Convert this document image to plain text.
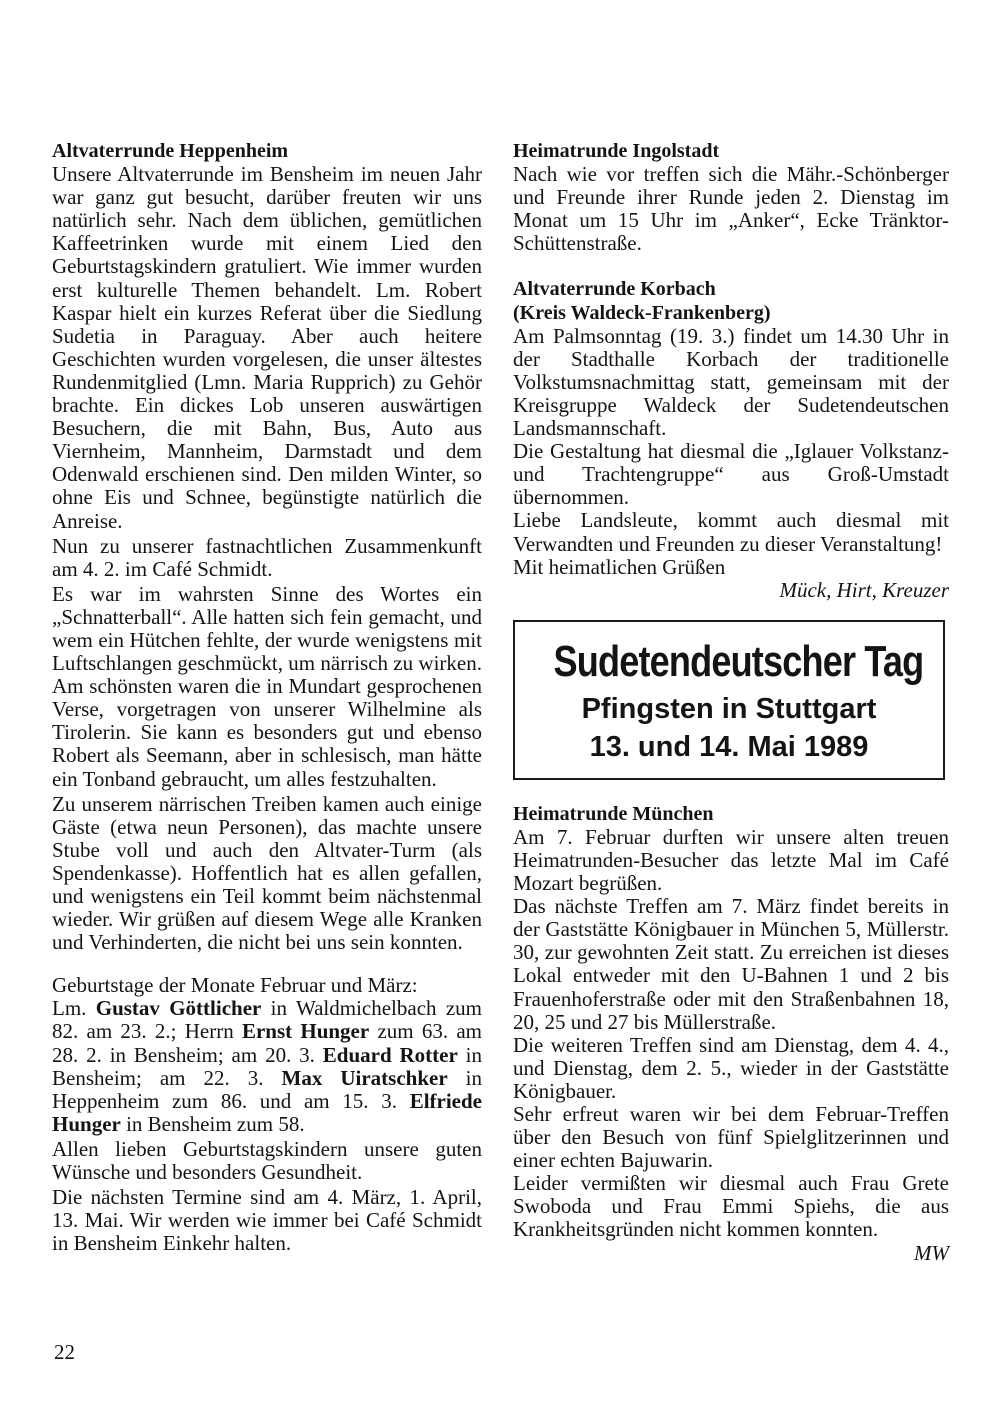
Altvaterrunde Heppenheim

Unsere Altvaterrunde im Bensheim im neuen Jahr war ganz gut besucht, darüber freuten wir uns natürlich sehr. Nach dem üblichen, gemütlichen Kaffeetrinken wurde mit einem Lied den Geburtstagskindern gratuliert. Wie immer wurden erst kulturelle Themen behandelt. Lm. Robert Kaspar hielt ein kurzes Referat über die Siedlung Sudetia in Paraguay. Aber auch heitere Geschichten wurden vorgelesen, die unser ältestes Rundenmitglied (Lmn. Maria Rupprich) zu Gehör brachte. Ein dickes Lob unseren auswärtigen Besuchern, die mit Bahn, Bus, Auto aus Viernheim, Mannheim, Darmstadt und dem Odenwald erschienen sind. Den milden Winter, so ohne Eis und Schnee, begünstigte natürlich die Anreise.

Nun zu unserer fastnachtlichen Zusammenkunft am 4. 2. im Café Schmidt.

Es war im wahrsten Sinne des Wortes ein „Schnatterball“. Alle hatten sich fein gemacht, und wem ein Hütchen fehlte, der wurde wenigstens mit Luftschlangen geschmückt, um närrisch zu wirken. Am schönsten waren die in Mundart gesprochenen Verse, vorgetragen von unserer Wilhelmine als Tirolerin. Sie kann es besonders gut und ebenso Robert als Seemann, aber in schlesisch, man hätte ein Tonband gebraucht, um alles festzuhalten.

Zu unserem närrischen Treiben kamen auch einige Gäste (etwa neun Personen), das machte unsere Stube voll und auch den Altvater-Turm (als Spendenkasse). Hoffentlich hat es allen gefallen, und wenigstens ein Teil kommt beim nächstenmal wieder. Wir grüßen auf diesem Wege alle Kranken und Verhinderten, die nicht bei uns sein konnten.

Geburtstage der Monate Februar und März:

Lm. Gustav Göttlicher in Waldmichelbach zum 82. am 23. 2.; Herrn Ernst Hunger zum 63. am 28. 2. in Bensheim; am 20. 3. Eduard Rotter in Bensheim; am 22. 3. Max Uiratschker in Heppenheim zum 86. und am 15. 3. Elfriede Hunger in Bensheim zum 58.

Allen lieben Geburtstagskindern unsere guten Wünsche und besonders Gesundheit.

Die nächsten Termine sind am 4. März, 1. April, 13. Mai. Wir werden wie immer bei Café Schmidt in Bensheim Einkehr halten.

Heimatrunde Ingolstadt

Nach wie vor treffen sich die Mähr.-Schönberger und Freunde ihrer Runde jeden 2. Dienstag im Monat um 15 Uhr im „Anker“, Ecke Tränktor-Schüttenstraße.

Altvaterrunde Korbach
(Kreis Waldeck-Frankenberg)

Am Palmsonntag (19. 3.) findet um 14.30 Uhr in der Stadthalle Korbach der traditionelle Volkstumsnachmittag statt, gemeinsam mit der Kreisgruppe Waldeck der Sudetendeutschen Landsmannschaft.

Die Gestaltung hat diesmal die „Iglauer Volkstanz- und Trachtengruppe“ aus Groß-Umstadt übernommen.

Liebe Landsleute, kommt auch diesmal mit Verwandten und Freunden zu dieser Veranstaltung!

Mit heimatlichen Grüßen

Mück, Hirt, Kreuzer

Sudetendeutscher Tag
Pfingsten in Stuttgart
13. und 14. Mai 1989
Heimatrunde München

Am 7. Februar durften wir unsere alten treuen Heimatrunden-Besucher das letzte Mal im Café Mozart begrüßen.

Das nächste Treffen am 7. März findet bereits in der Gaststätte Königbauer in München 5, Müllerstr. 30, zur gewohnten Zeit statt. Zu erreichen ist dieses Lokal entweder mit den U-Bahnen 1 und 2 bis Frauenhoferstraße oder mit den Straßenbahnen 18, 20, 25 und 27 bis Müllerstraße.

Die weiteren Treffen sind am Dienstag, dem 4. 4., und Dienstag, dem 2. 5., wieder in der Gaststätte Königbauer.

Sehr erfreut waren wir bei dem Februar-Treffen über den Besuch von fünf Spielglitzerinnen und einer echten Bajuwarin.

Leider vermißten wir diesmal auch Frau Grete Swoboda und Frau Emmi Spiehs, die aus Krankheitsgründen nicht kommen konnten.

MW

22
